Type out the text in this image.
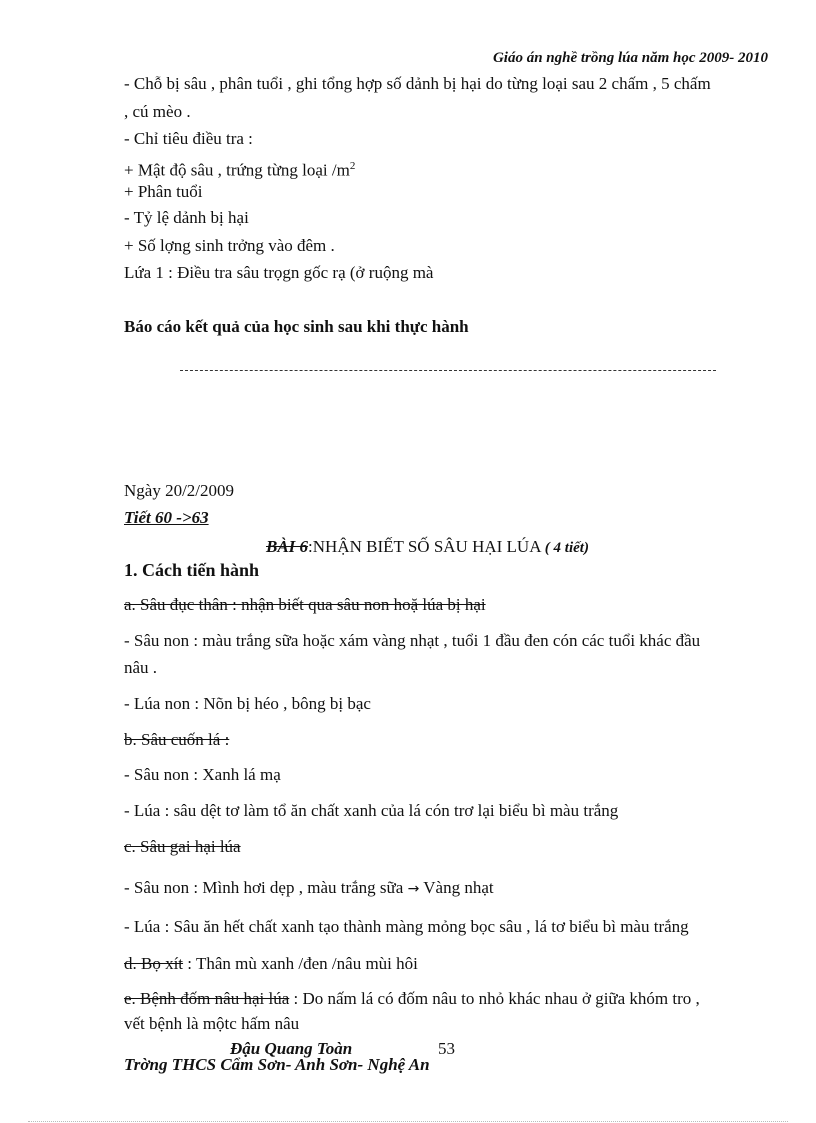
Giáo án nghề trồng lúa năm học 2009- 2010
- Chỗ bị sâu , phân tuổi , ghi tổng hợp số dảnh bị hại do từng loại sau 2 chấm , 5 chấm
, cú mèo .
- Chỉ tiêu điều tra :
+ Mật độ sâu , trứng từng loại $/m^2$
+ Phân tuổi
- Tỷ lệ dảnh bị hại
+ Số lợng sinh trởng vào đêm .
Lứa 1 : Điều tra sâu trọgn gốc rạ (ở ruộng mà
Báo cáo kết quả của học sinh sau khi thực hành
Ngày 20/2/2009
Tiết 60 ->63
BÀI 6:NHẬN BIẾT SỐ SÂU HẠI LÚA ( 4 tiết)
1. Cách tiến hành
a. Sâu đục thân : nhận biết qua sâu non hoặ lúa bị hại
- Sâu non : màu trắng sữa hoặc xám vàng nhạt , tuổi 1 đầu đen cón các tuổi khác đầu
nâu .
- Lúa non : Nõn bị héo , bông bị bạc
b. Sâu cuốn lá :
- Sâu non : Xanh lá mạ
- Lúa : sâu dệt tơ làm tổ ăn chất xanh của lá cón trơ lại biểu bì màu trắng
c. Sâu gai hại lúa
- Sâu non : Mình hơi dẹp , màu trắng sữa → Vàng nhạt
- Lúa : Sâu ăn hết chất xanh tạo thành màng mỏng bọc sâu , lá tơ biểu bì màu trắng
d. Bọ xít : Thân mù xanh /đen /nâu mùi hôi
e. Bệnh đốm nâu hại lúa : Do nấm lá có đốm nâu to nhỏ khác nhau ở giữa khóm tro ,
vết bệnh là mộtc hấm nâu
Đậu Quang Toàn	53
Trờng THCS Cẩm Sơn- Anh Sơn- Nghệ An
